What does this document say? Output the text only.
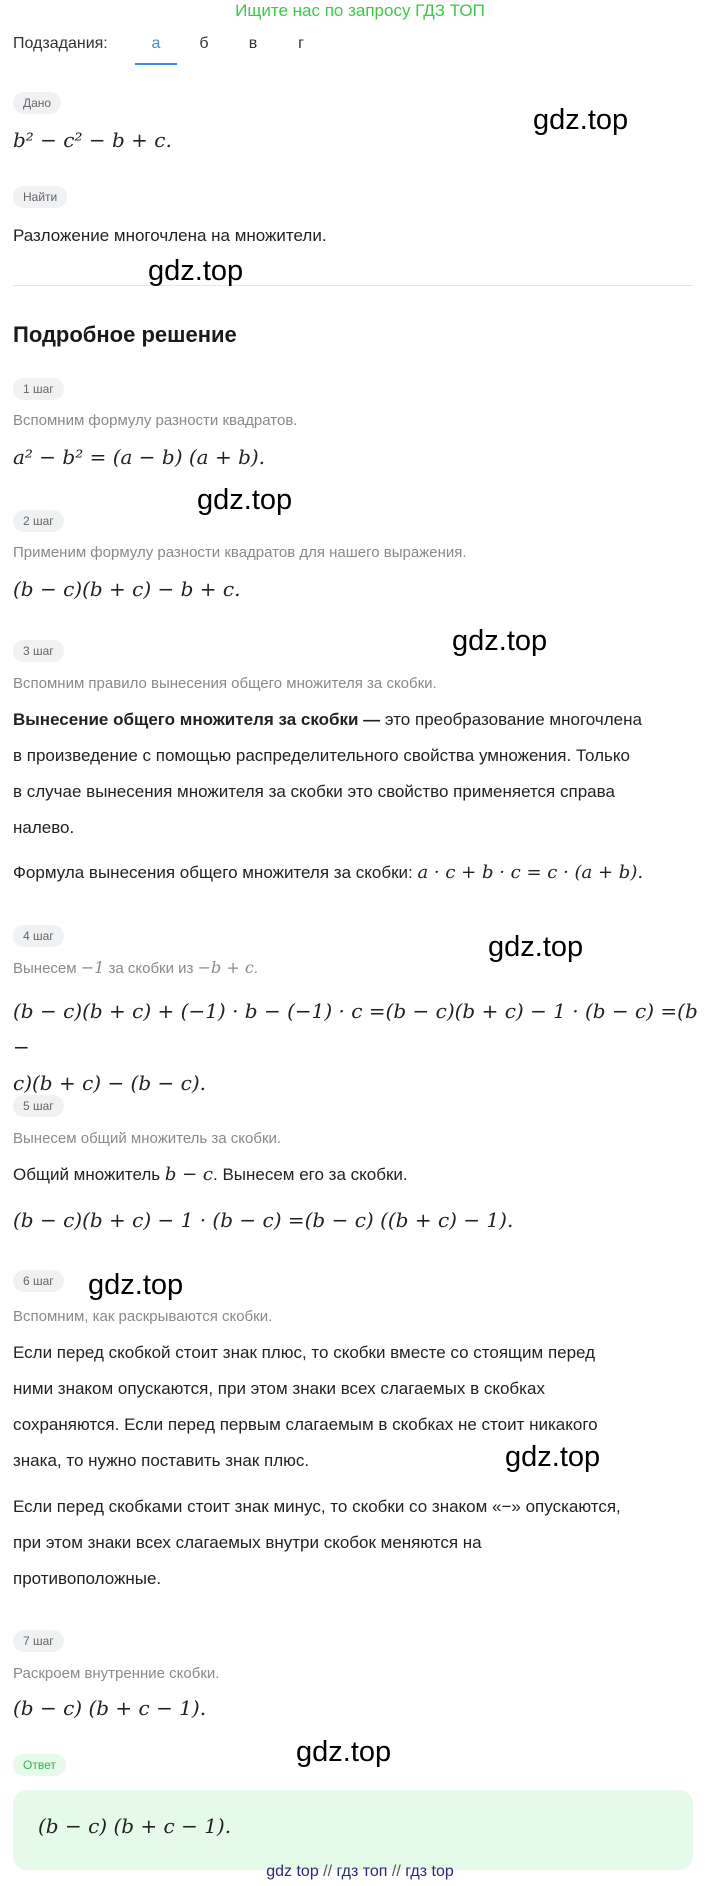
Ищите нас по запросу ГДЗ ТОП
Подзадания:	а	б	в	г
Дано
b² − c² − b + c.
Найти
Разложение многочлена на множители.
Подробное решение
1 шаг
Вспомним формулу разности квадратов.
a² − b² = (a − b) (a + b).
2 шаг
Применим формулу разности квадратов для нашего выражения.
(b − c)(b + c) − b + c.
3 шаг
Вспомним правило вынесения общего множителя за скобки.
Вынесение общего множителя за скобки — это преобразование многочлена
в произведение с помощью распределительного свойства умножения. Только
в случае вынесения множителя за скобки это свойство применяется справа
налево.
Формула вынесения общего множителя за скобки: a · c + b · c = c · (a + b).
4 шаг
Вынесем −1 за скобки из −b + c.
(b − c)(b + c) + (−1) · b − (−1) · c =(b − c)(b + c) − 1 · (b − c) =(b −
c)(b + c) − (b − c).
5 шаг
Вынесем общий множитель за скобки.
Общий множитель b − c. Вынесем его за скобки.
(b − c)(b + c) − 1 · (b − c) =(b − c) ((b + c) − 1).
6 шаг
Вспомним, как раскрываются скобки.
Если перед скобкой стоит знак плюс, то скобки вместе со стоящим перед
ними знаком опускаются, при этом знаки всех слагаемых в скобках
сохраняются. Если перед первым слагаемым в скобках не стоит никакого
знака, то нужно поставить знак плюс.
Если перед скобками стоит знак минус, то скобки со знаком «−» опускаются,
при этом знаки всех слагаемых внутри скобок меняются на
противоположные.
7 шаг
Раскроем внутренние скобки.
(b − c) (b + c − 1).
Ответ
(b − c) (b + c − 1).
gdz.top
gdz.top
gdz.top
gdz.top
gdz.top
gdz.top
gdz.top
gdz.top
gdz top // гдз топ // гдз top
